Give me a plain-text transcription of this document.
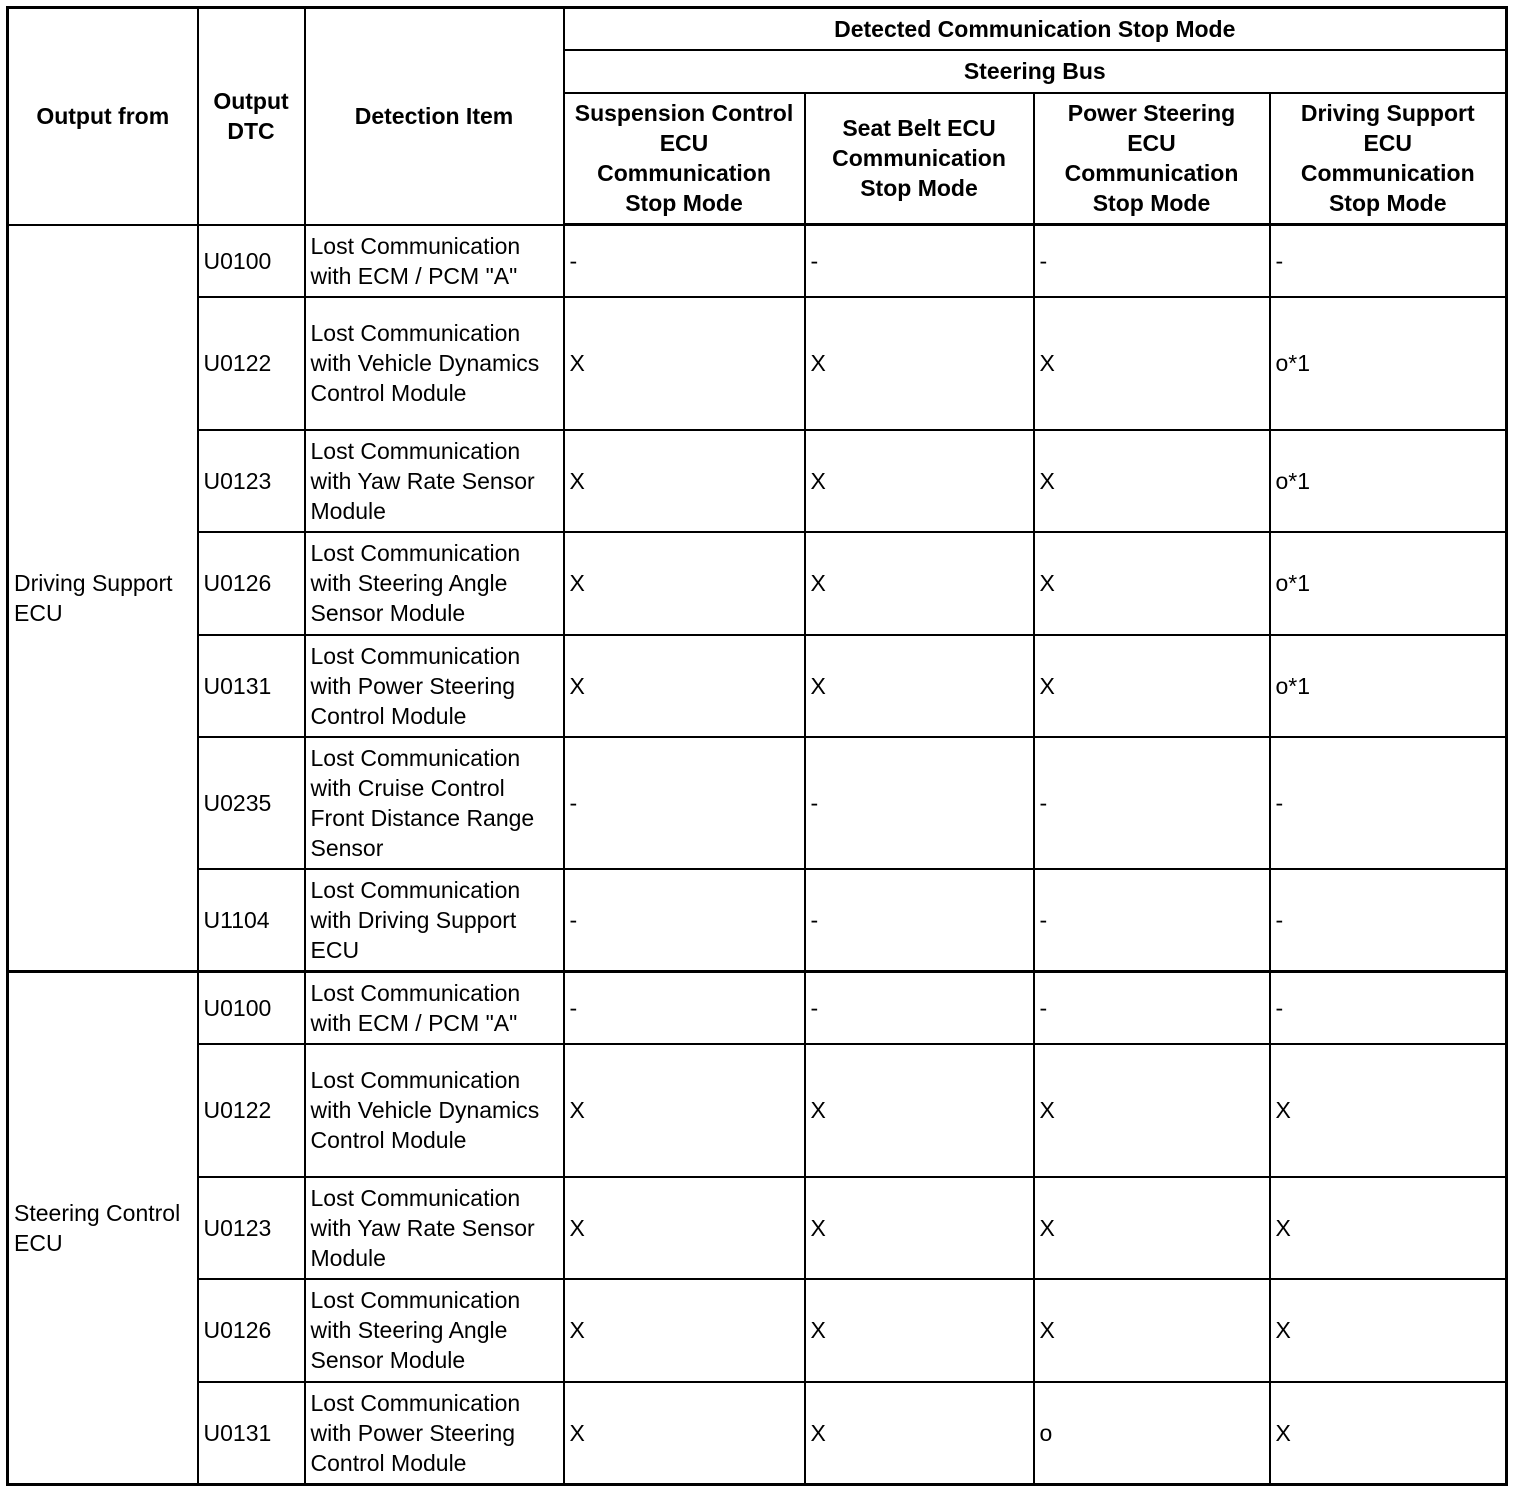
Output from	Output DTC	Detection Item	Detected Communication Stop Mode			
			Steering Bus			
			Suspension Control ECU Communication Stop Mode	Seat Belt ECU Communication Stop Mode	Power Steering ECU Communication Stop Mode	Driving Support ECU Communication Stop Mode
Driving Support ECU	U0100	Lost Communication with ECM / PCM "A"	-	-	-	-
	U0122	Lost Communication with Vehicle Dynamics Control Module	X	X	X	o*1
	U0123	Lost Communication with Yaw Rate Sensor Module	X	X	X	o*1
	U0126	Lost Communication with Steering Angle Sensor Module	X	X	X	o*1
	U0131	Lost Communication with Power Steering Control Module	X	X	X	o*1
	U0235	Lost Communication with Cruise Control Front Distance Range Sensor	-	-	-	-
	U1104	Lost Communication with Driving Support ECU	-	-	-	-
Steering Control ECU	U0100	Lost Communication with ECM / PCM "A"	-	-	-	-
	U0122	Lost Communication with Vehicle Dynamics Control Module	X	X	X	X
	U0123	Lost Communication with Yaw Rate Sensor Module	X	X	X	X
	U0126	Lost Communication with Steering Angle Sensor Module	X	X	X	X
	U0131	Lost Communication with Power Steering Control Module	X	X	o	X
